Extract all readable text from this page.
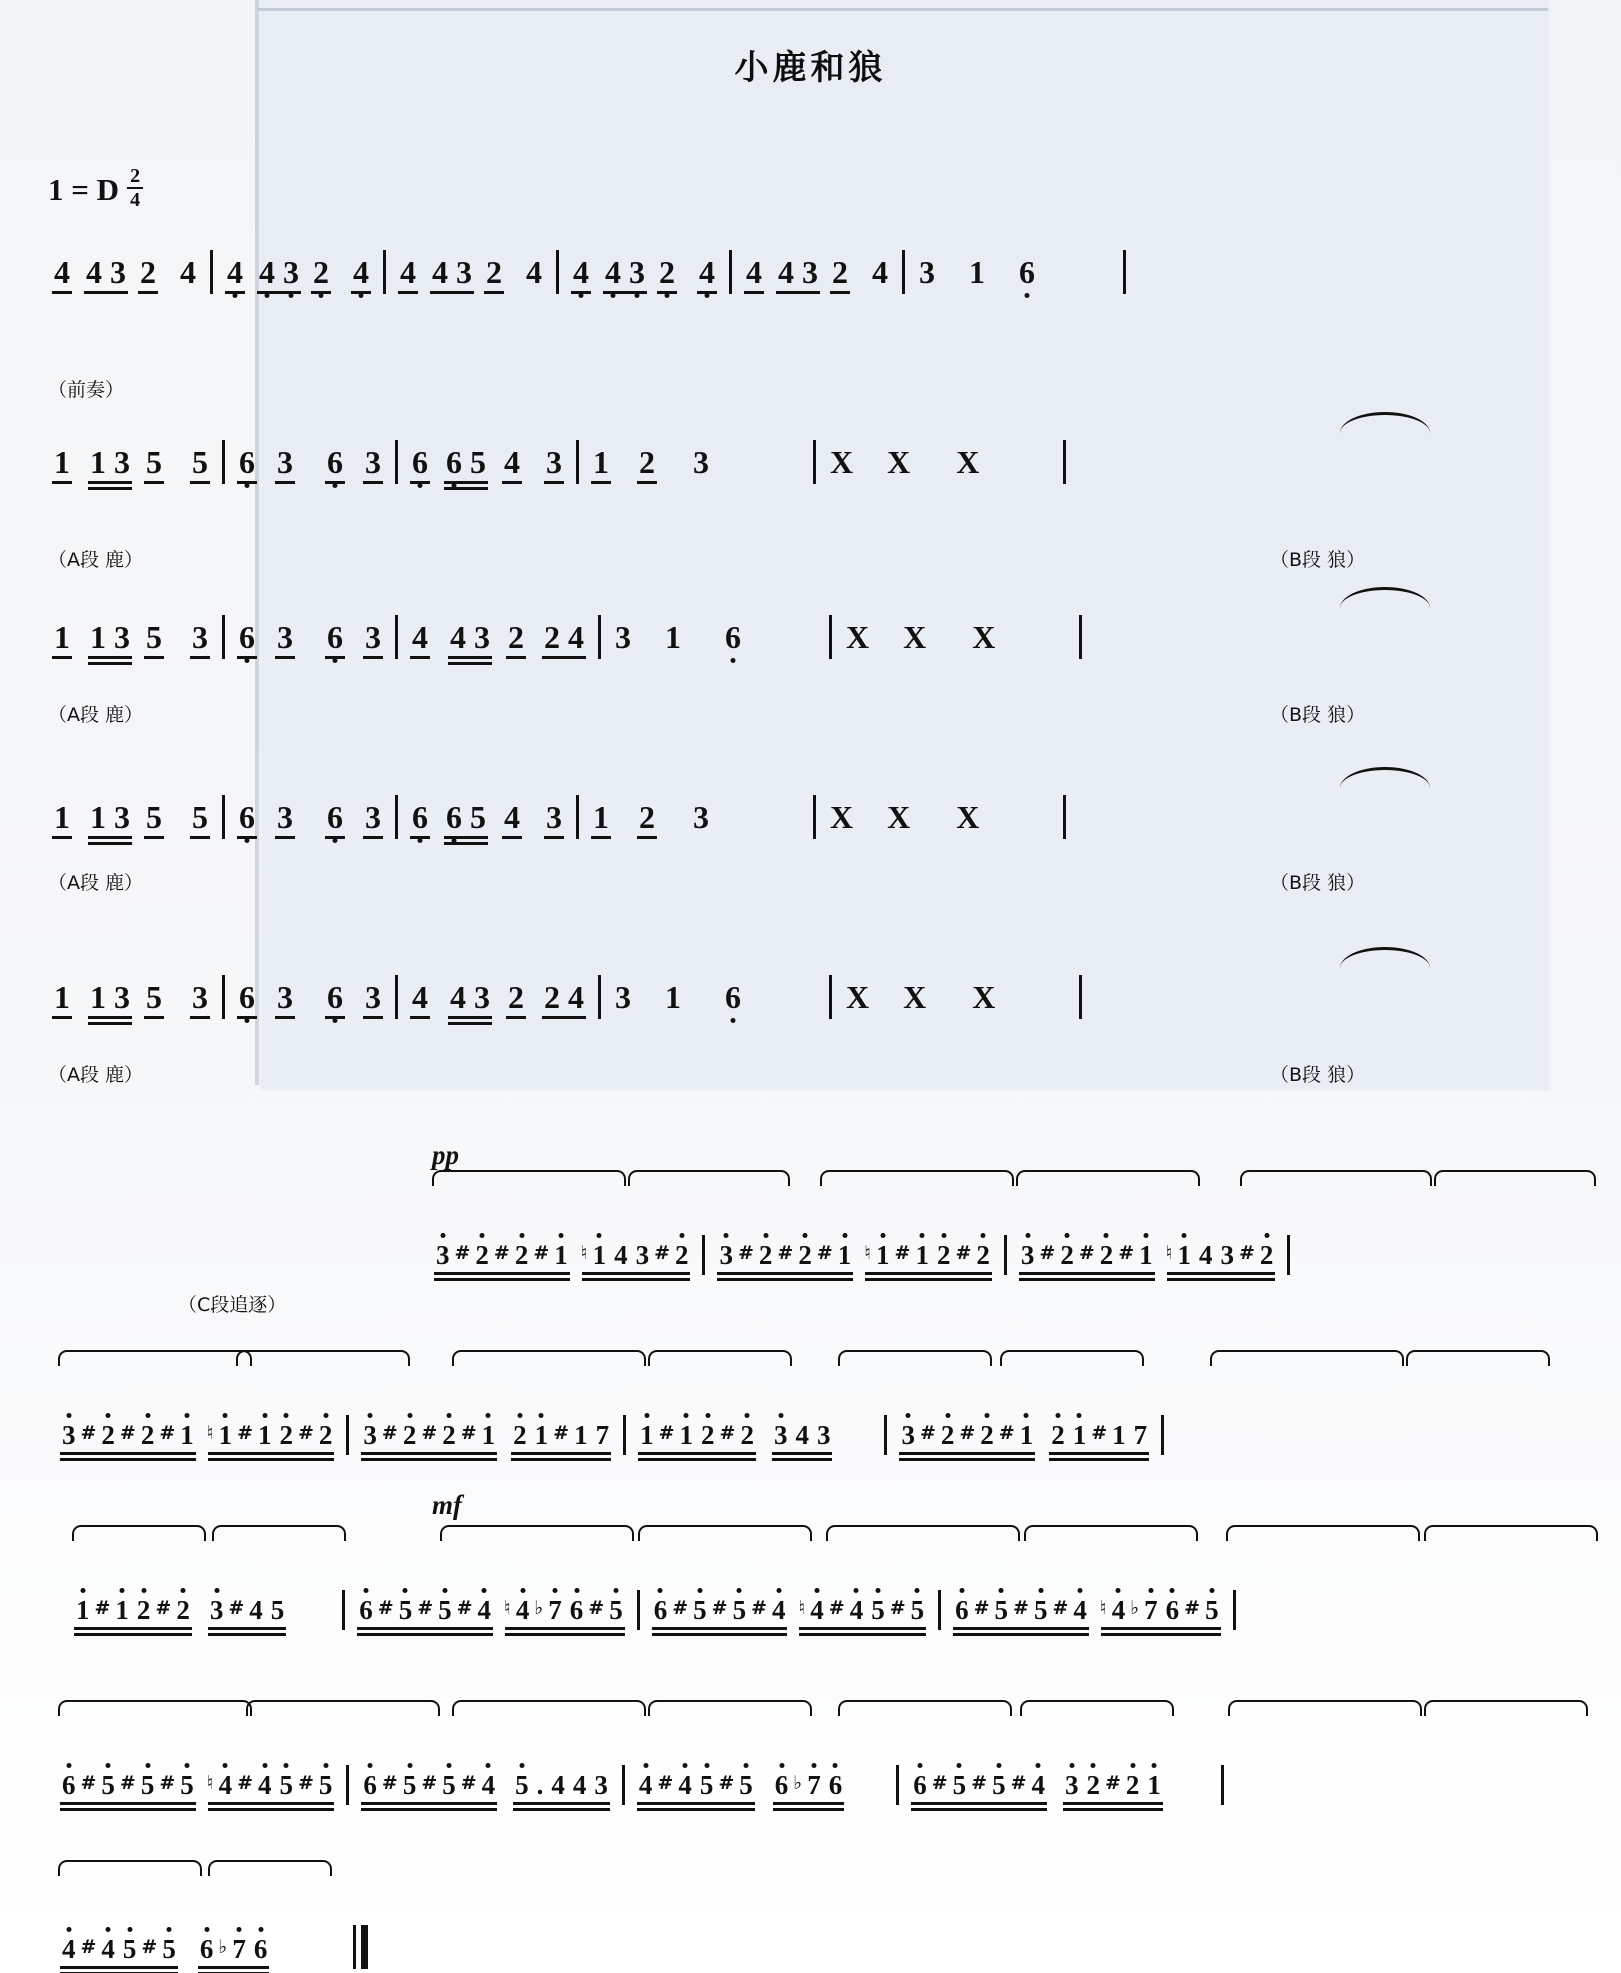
小鹿和狼
1 = D $\frac{2}{4}$
4 4 3 2 4 4 4 3 2 4 4 4 3 2 4 4 4 3 2 4 4 4 3 2 4 3 1 6
（前奏）
1 1 3 5 5 6 3 6 3 6 6 5 4 3 1 2 3	X X X
（A段 鹿）	（B段 狼）
1 1 3 5 3 6 3 6 3 4 4 3 2 2 4 3 1 6	X X X
（A段 鹿）	（B段 狼）
1 1 3 5 5 6 3 6 3 6 6 5 4 3 1 2 3	X X X
（A段 鹿）	（B段 狼）
1 1 3 5 3 6 3 6 3 4 4 3 2 2 4 3 1 6	X X X
（A段 鹿）	（B段 狼）
pp
3 # 2 # 2 # 1 ♮ 1 4 3 # 2 3 # 2 # 2 # 1 ♮ 1 # 1 2 # 2 3 # 2 # 2 # 1 ♮ 1 4 3 # 2
（C段追逐）
3 # 2 # 2 # 1 ♮ 1 # 1 2 # 2 3 # 2 # 2 # 1 2 1 # 1 7 1 # 1 2 # 2 3 4 3	3 # 2 # 2 # 1 2 1 # 1 7
mf
1 # 1 2 # 2 3 # 4 5	6 # 5 # 5 # 4 ♮ 4 ♭ 7 6 # 5 6 # 5 # 5 # 4 ♮ 4 # 4 5 # 5 6 # 5 # 5 # 4 ♮ 4 ♭ 7 6 # 5
6 # 5 # 5 # 5 ♮ 4 # 4 5 # 5 6 # 5 # 5 # 4 5 . 4 4 3 4 # 4 5 # 5 6 ♭ 7 6	6 # 5 # 5 # 4 3 2 # 2 1
4 # 4 5 # 5 6 ♭ 7 6
